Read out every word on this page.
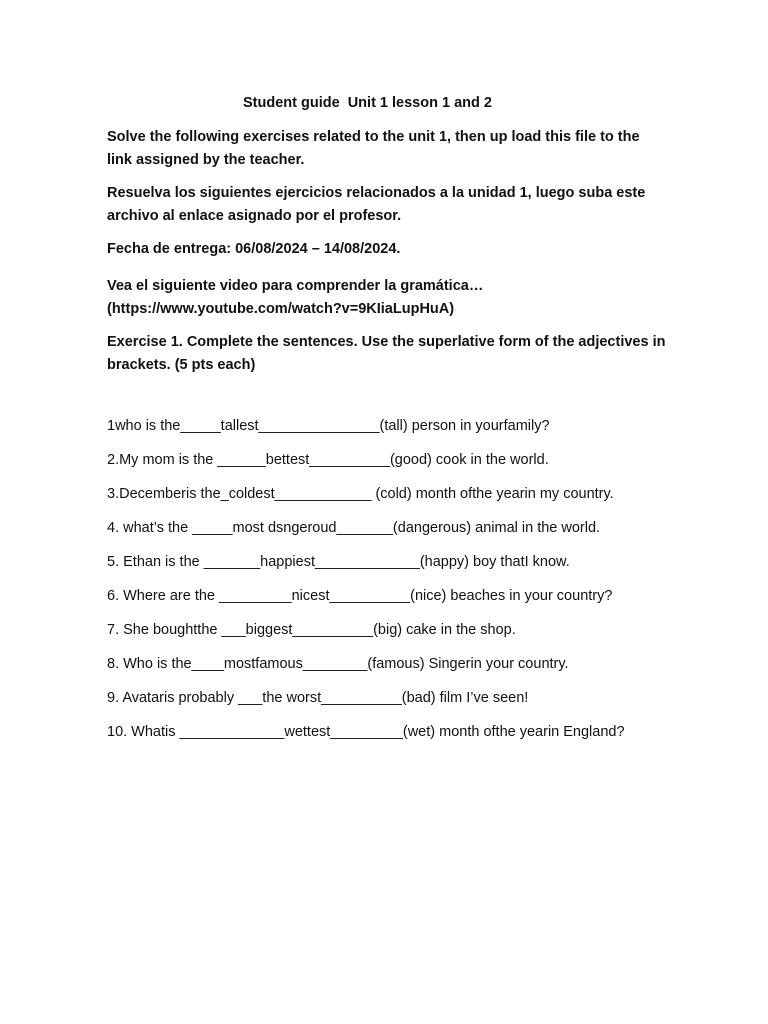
Student guide  Unit 1 lesson 1 and 2

Solve the following exercises related to the unit 1, then up load this file to the link assigned by the teacher.

Resuelva los siguientes ejercicios relacionados a la unidad 1, luego suba este archivo al enlace asignado por el profesor.

Fecha de entrega: 06/08/2024 – 14/08/2024.

Vea el siguiente video para comprender la gramática…
(https://www.youtube.com/watch?v=9KIiaLupHuA)

Exercise 1. Complete the sentences. Use the superlative form of the adjectives in brackets. (5 pts each)

1who is the_____tallest_______________(tall) person in yourfamily?
2.My mom is the ______bettest__________(good) cook in the world.
3.Decemberis the_coldest____________ (cold) month ofthe yearin my country.
4. what’s the _____most dsngeroud_______(dangerous) animal in the world.
5. Ethan is the _______happiest_____________(happy) boy thatI know.
6. Where are the _________nicest__________(nice) beaches in your country?
7. She boughtthe ___biggest__________(big) cake in the shop.
8. Who is the____mostfamous________(famous) Singerin your country.
9. Avataris probably ___the worst__________(bad) film I’ve seen!
10. Whatis _____________wettest_________(wet) month ofthe yearin England?
